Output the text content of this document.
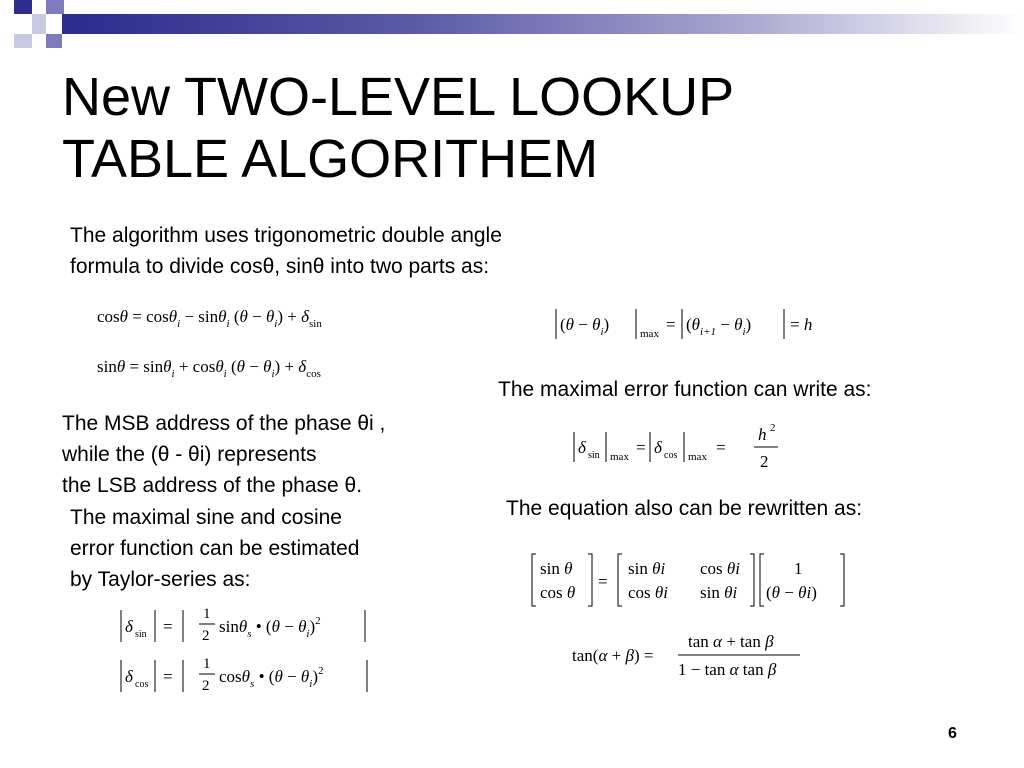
New TWO-LEVEL LOOKUP
TABLE ALGORITHEM
The algorithm uses trigonometric double angle
formula to divide cosθ, sinθ into two parts as:
cosθ = cosθ$_i$ − sinθ$_i$ $(\theta - \theta_i) + \delta_{sin}$
sinθ = sinθ$_i$ + cosθ$_i$ $(\theta - \theta_i) + \delta_{cos}$
$(\theta - \theta_i)$	$\max = (\theta_{i+1} - \theta_i) = h$
The maximal error function can write as:
The MSB address of the phase θi ,
while the (θ - θi) represents
the LSB address of the phase θ.
δ sin max = δ cos max =
h 2
2
The equation also can be rewritten as:
The maximal sine and cosine
error function can be estimated
by Taylor-series as:	sin θ
cos θ
=
sin θi cos θi
cos θi sin θi
1
(θ − θi)
δ sin =
1
2 sinθ$_s$ • $(\theta - \theta_i)^2$
δ cos =
1
2 cosθ$_s$ • $(\theta - \theta_i)^2$
tan(α + β) =
tan α + tan β
1 − tan α tan β
6
